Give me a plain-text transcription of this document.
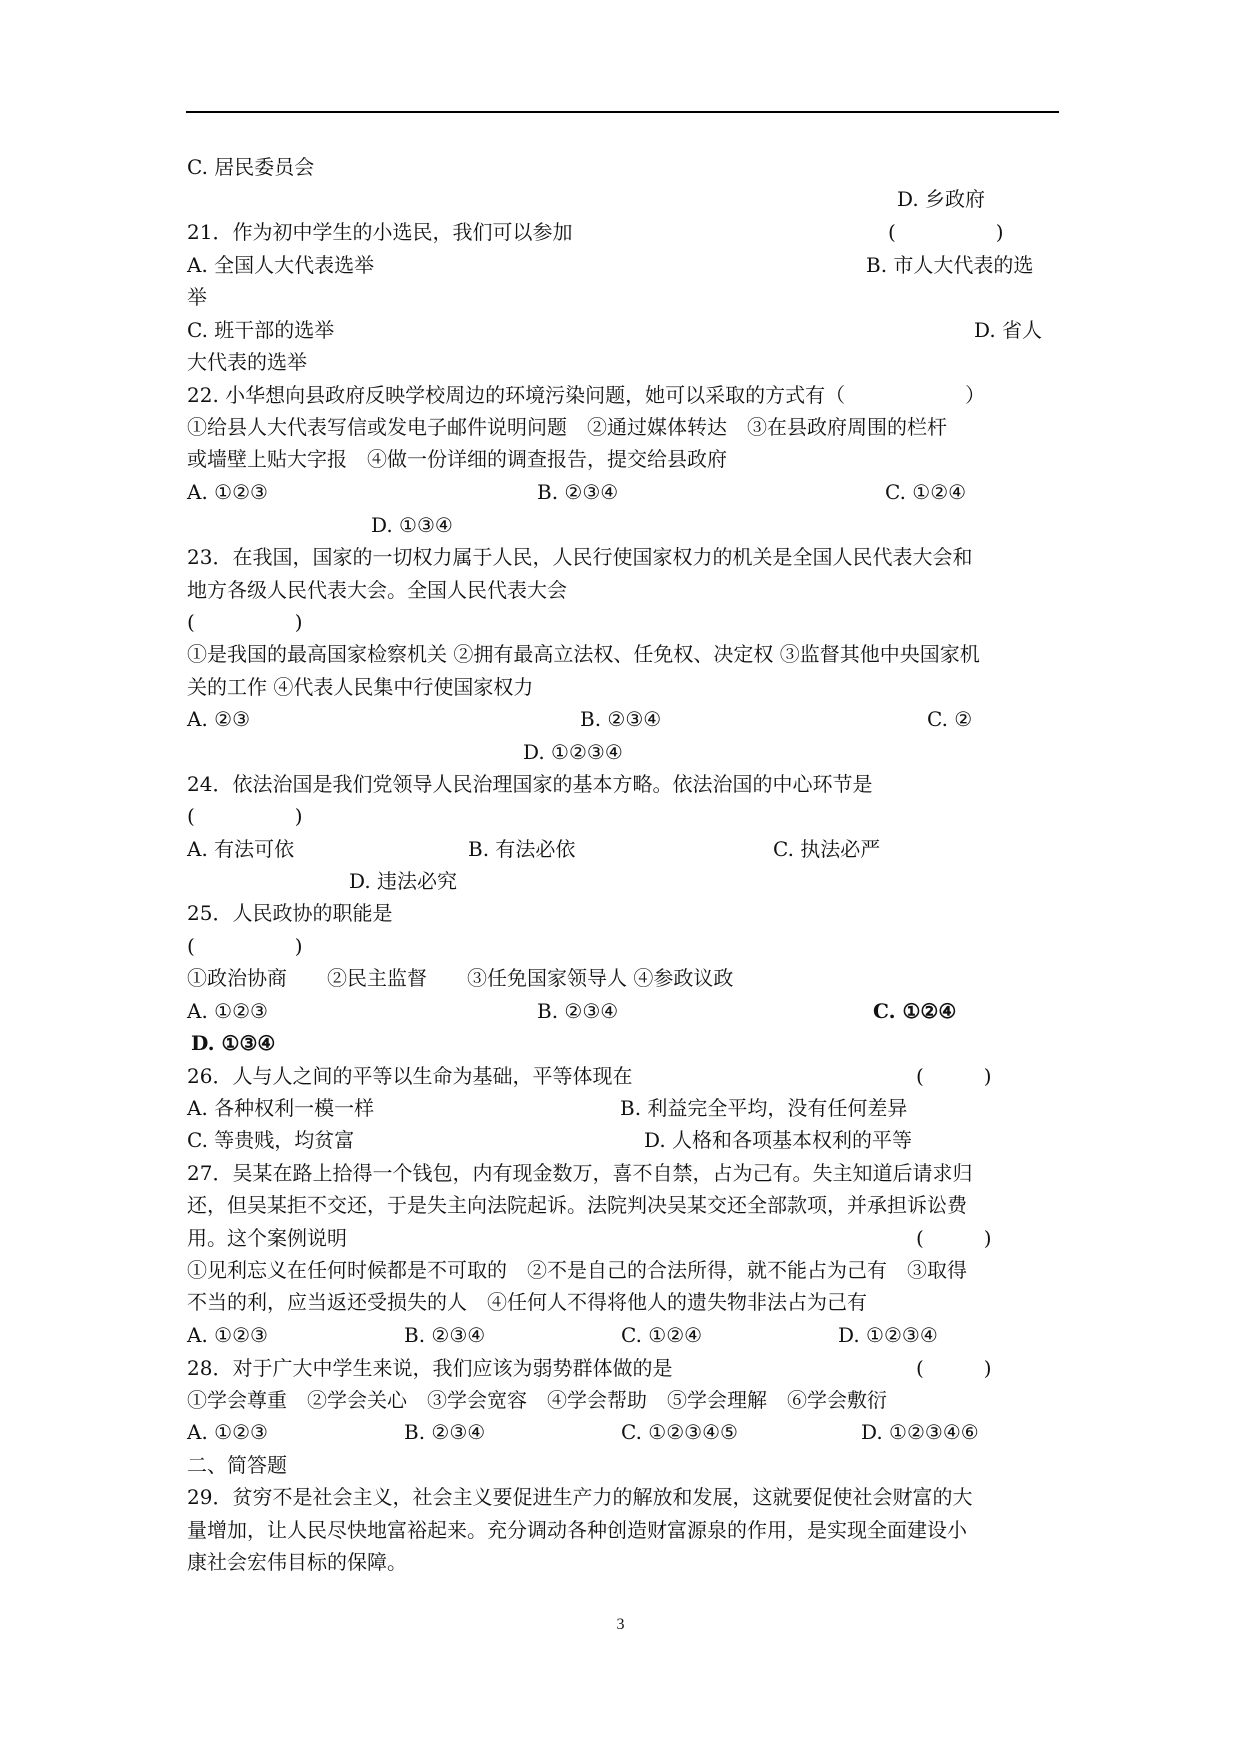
C. 居民委员会
D. 乡政府
21．作为初中学生的小选民，我们可以参加	(　　　　　)
A. 全国人大代表选举	B. 市人大代表的选
举
C. 班干部的选举	D. 省人
大代表的选举
22. 小华想向县政府反映学校周边的环境污染问题，她可以采取的方式有（　　　　　　）
①给县人大代表写信或发电子邮件说明问题　②通过媒体转达　③在县政府周围的栏杆
或墙壁上贴大字报　④做一份详细的调查报告，提交给县政府
A. ①②③	B. ②③④	C. ①②④
D. ①③④
23．在我国，国家的一切权力属于人民，人民行使国家权力的机关是全国人民代表大会和
地方各级人民代表大会。全国人民代表大会
(　　　　　)
①是我国的最高国家检察机关 ②拥有最高立法权、任免权、决定权 ③监督其他中央国家机
关的工作 ④代表人民集中行使国家权力
A. ②③	B. ②③④	C. ②
D. ①②③④
24．依法治国是我们党领导人民治理国家的基本方略。依法治国的中心环节是
(　　　　　)
A. 有法可依	B. 有法必依	C. 执法必严
D. 违法必究
25．人民政协的职能是
(　　　　　)
①政治协商　　②民主监督　　③任免国家领导人 ④参政议政
A. ①②③	B. ②③④	C. ①②④
D. ①③④
26．人与人之间的平等以生命为基础，平等体现在	(　　　)
A. 各种权利一模一样	B. 利益完全平均，没有任何差异
C. 等贵贱，均贫富	D. 人格和各项基本权利的平等
27．吴某在路上拾得一个钱包，内有现金数万，喜不自禁，占为己有。失主知道后请求归
还，但吴某拒不交还，于是失主向法院起诉。法院判决吴某交还全部款项，并承担诉讼费
用。这个案例说明	(　　　)
①见利忘义在任何时候都是不可取的　②不是自己的合法所得，就不能占为己有　③取得
不当的利，应当返还受损失的人　④任何人不得将他人的遗失物非法占为己有
A. ①②③	B. ②③④	C. ①②④	D. ①②③④
28．对于广大中学生来说，我们应该为弱势群体做的是	(　　　)
①学会尊重　②学会关心　③学会宽容　④学会帮助　⑤学会理解　⑥学会敷衍
A. ①②③	B. ②③④	C. ①②③④⑤	D. ①②③④⑥
二、简答题
29．贫穷不是社会主义，社会主义要促进生产力的解放和发展，这就要促使社会财富的大
量增加，让人民尽快地富裕起来。充分调动各种创造财富源泉的作用，是实现全面建设小
康社会宏伟目标的保障。
3
